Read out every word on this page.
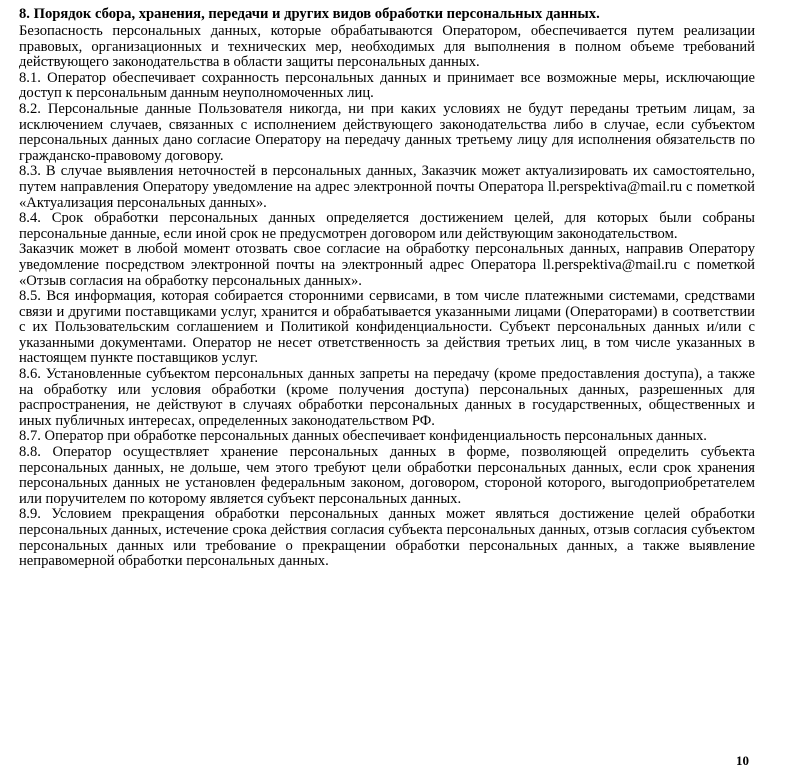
8. Порядок сбора, хранения, передачи и других видов обработки персональных данных.

Безопасность персональных данных, которые обрабатываются Оператором, обеспечивается путем реализации правовых, организационных и технических мер, необходимых для выполнения в полном объеме требований действующего законодательства в области защиты персональных данных.

8.1. Оператор обеспечивает сохранность персональных данных и принимает все возможные меры, исключающие доступ к персональным данным неуполномоченных лиц.

8.2. Персональные данные Пользователя никогда, ни при каких условиях не будут переданы третьим лицам, за исключением случаев, связанных с исполнением действующего законодательства либо в случае, если субъектом персональных данных дано согласие Оператору на передачу данных третьему лицу для исполнения обязательств по гражданско-правовому договору.

8.3. В случае выявления неточностей в персональных данных, Заказчик может актуализировать их самостоятельно, путем направления Оператору уведомление на адрес электронной почты Оператора ll.perspektiva@mail.ru с пометкой «Актуализация персональных данных».

8.4. Срок обработки персональных данных определяется достижением целей, для которых были собраны персональные данные, если иной срок не предусмотрен договором или действующим законодательством.

Заказчик может в любой момент отозвать свое согласие на обработку персональных данных, направив Оператору уведомление посредством электронной почты на электронный адрес Оператора ll.perspektiva@mail.ru с пометкой «Отзыв согласия на обработку персональных данных».

8.5. Вся информация, которая собирается сторонними сервисами, в том числе платежными системами, средствами связи и другими поставщиками услуг, хранится и обрабатывается указанными лицами (Операторами) в соответствии с их Пользовательским соглашением и Политикой конфиденциальности. Субъект персональных данных и/или с указанными документами. Оператор не несет ответственность за действия третьих лиц, в том числе указанных в настоящем пункте поставщиков услуг.

8.6. Установленные субъектом персональных данных запреты на передачу (кроме предоставления доступа), а также на обработку или условия обработки (кроме получения доступа) персональных данных, разрешенных для распространения, не действуют в случаях обработки персональных данных в государственных, общественных и иных публичных интересах, определенных законодательством РФ.

8.7. Оператор при обработке персональных данных обеспечивает конфиденциальность персональных данных.

8.8. Оператор осуществляет хранение персональных данных в форме, позволяющей определить субъекта персональных данных, не дольше, чем этого требуют цели обработки персональных данных, если срок хранения персональных данных не установлен федеральным законом, договором, стороной которого, выгодоприобретателем или поручителем по которому является субъект персональных данных.

8.9. Условием прекращения обработки персональных данных может являться достижение целей обработки персональных данных, истечение срока действия согласия субъекта персональных данных, отзыв согласия субъектом персональных данных или требование о прекращении обработки персональных данных, а также выявление неправомерной обработки персональных данных.

10
